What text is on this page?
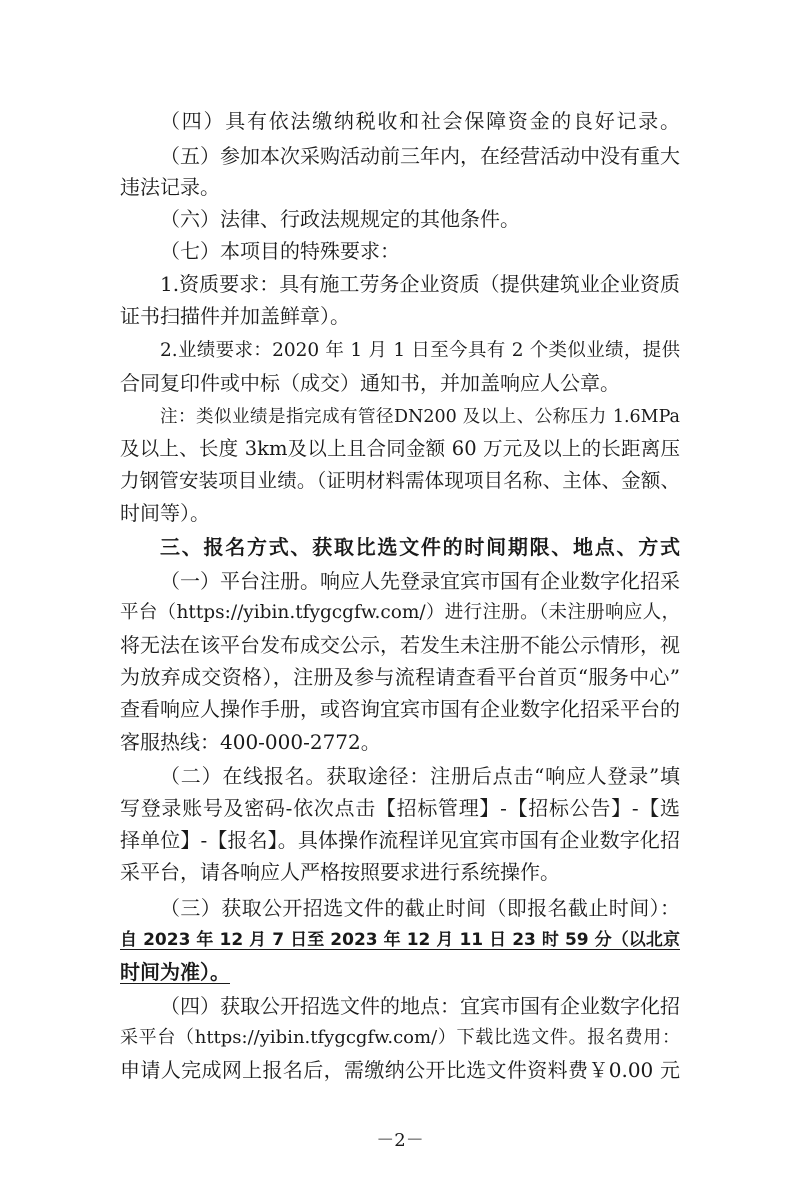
（四）具有依法缴纳税收和社会保障资金的良好记录。
（五）参加本次采购活动前三年内，在经营活动中没有重大
违法记录。
（六）法律、行政法规规定的其他条件。
（七）本项目的特殊要求：
1.资质要求：具有施工劳务企业资质（提供建筑业企业资质
证书扫描件并加盖鲜章）。
2.业绩要求：2020 年 1 月 1 日至今具有 2 个类似业绩，提供
合同复印件或中标（成交）通知书，并加盖响应人公章。
注：类似业绩是指完成有管径DN200 及以上、公称压力 1.6MPa
及以上、长度 3km及以上且合同金额 60 万元及以上的长距离压
力钢管安装项目业绩。（证明材料需体现项目名称、主体、金额、
时间等）。
三、报名方式、获取比选文件的时间期限、地点、方式
（一）平台注册。响应人先登录宜宾市国有企业数字化招采
平台（https://yibin.tfygcgfw.com/）进行注册。（未注册响应人，
将无法在该平台发布成交公示，若发生未注册不能公示情形，视
为放弃成交资格），注册及参与流程请查看平台首页“服务中心”
查看响应人操作手册，或咨询宜宾市国有企业数字化招采平台的
客服热线：400-000-2772。
（二）在线报名。获取途径：注册后点击“响应人登录”填
写登录账号及密码-依次点击【招标管理】-【招标公告】-【选
择单位】-【报名】。具体操作流程详见宜宾市国有企业数字化招
采平台，请各响应人严格按照要求进行系统操作。
（三）获取公开招选文件的截止时间（即报名截止时间）：
自 2023 年 12 月 7 日至 2023 年 12 月 11 日 23 时 59 分（以北京
时间为准）。
（四）获取公开招选文件的地点：宜宾市国有企业数字化招
采平台（https://yibin.tfygcgfw.com/）下载比选文件。报名费用：
申请人完成网上报名后，需缴纳公开比选文件资料费￥0.00 元
－2－
